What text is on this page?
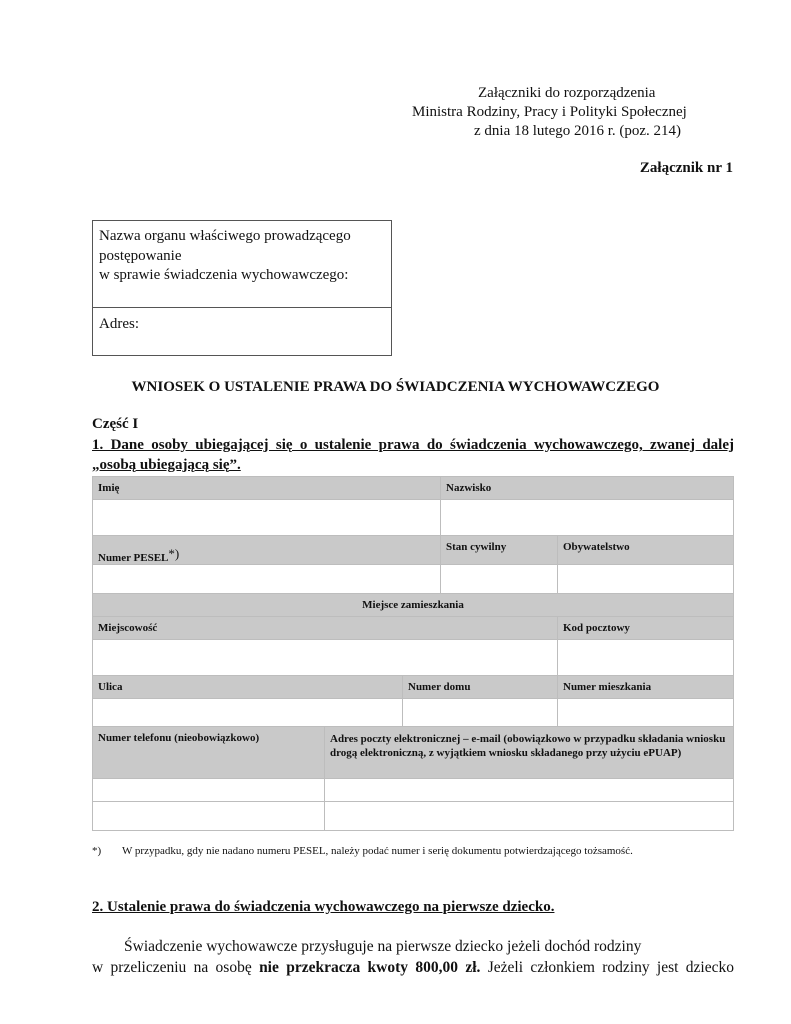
Załączniki do rozporządzenia
Ministra Rodziny, Pracy i Polityki Społecznej
z dnia 18 lutego 2016 r. (poz. 214)
Załącznik nr 1
Nazwa organu właściwego prowadzącego
postępowanie
w sprawie świadczenia wychowawczego:
Adres:
WNIOSEK O USTALENIE PRAWA DO ŚWIADCZENIA WYCHOWAWCZEGO
Część I
1. Dane osoby ubiegającej się o ustalenie prawa do świadczenia wychowawczego, zwanej dalej „osobą ubiegającą się”.
Imię			Nazwisko	

Numer PESEL*)			Stan cywilny	Obywatelstwo

Miejsce zamieszkania				
Miejscowość				Kod pocztowy

Ulica		Numer domu		Numer mieszkania

Numer telefonu (nieobowiązkowo)	Adres poczty elektronicznej – e-mail (obowiązkowo w przypadku składania wniosku drogą elektroniczną, z wyjątkiem wniosku składanego przy użyciu ePUAP)			

*) W przypadku, gdy nie nadano numeru PESEL, należy podać numer i serię dokumentu potwierdzającego tożsamość.
2. Ustalenie prawa do świadczenia wychowawczego na pierwsze dziecko.
Świadczenie wychowawcze przysługuje na pierwsze dziecko jeżeli dochód rodziny
w przeliczeniu na osobę nie przekracza kwoty 800,00 zł. Jeżeli członkiem rodziny jest dziecko
